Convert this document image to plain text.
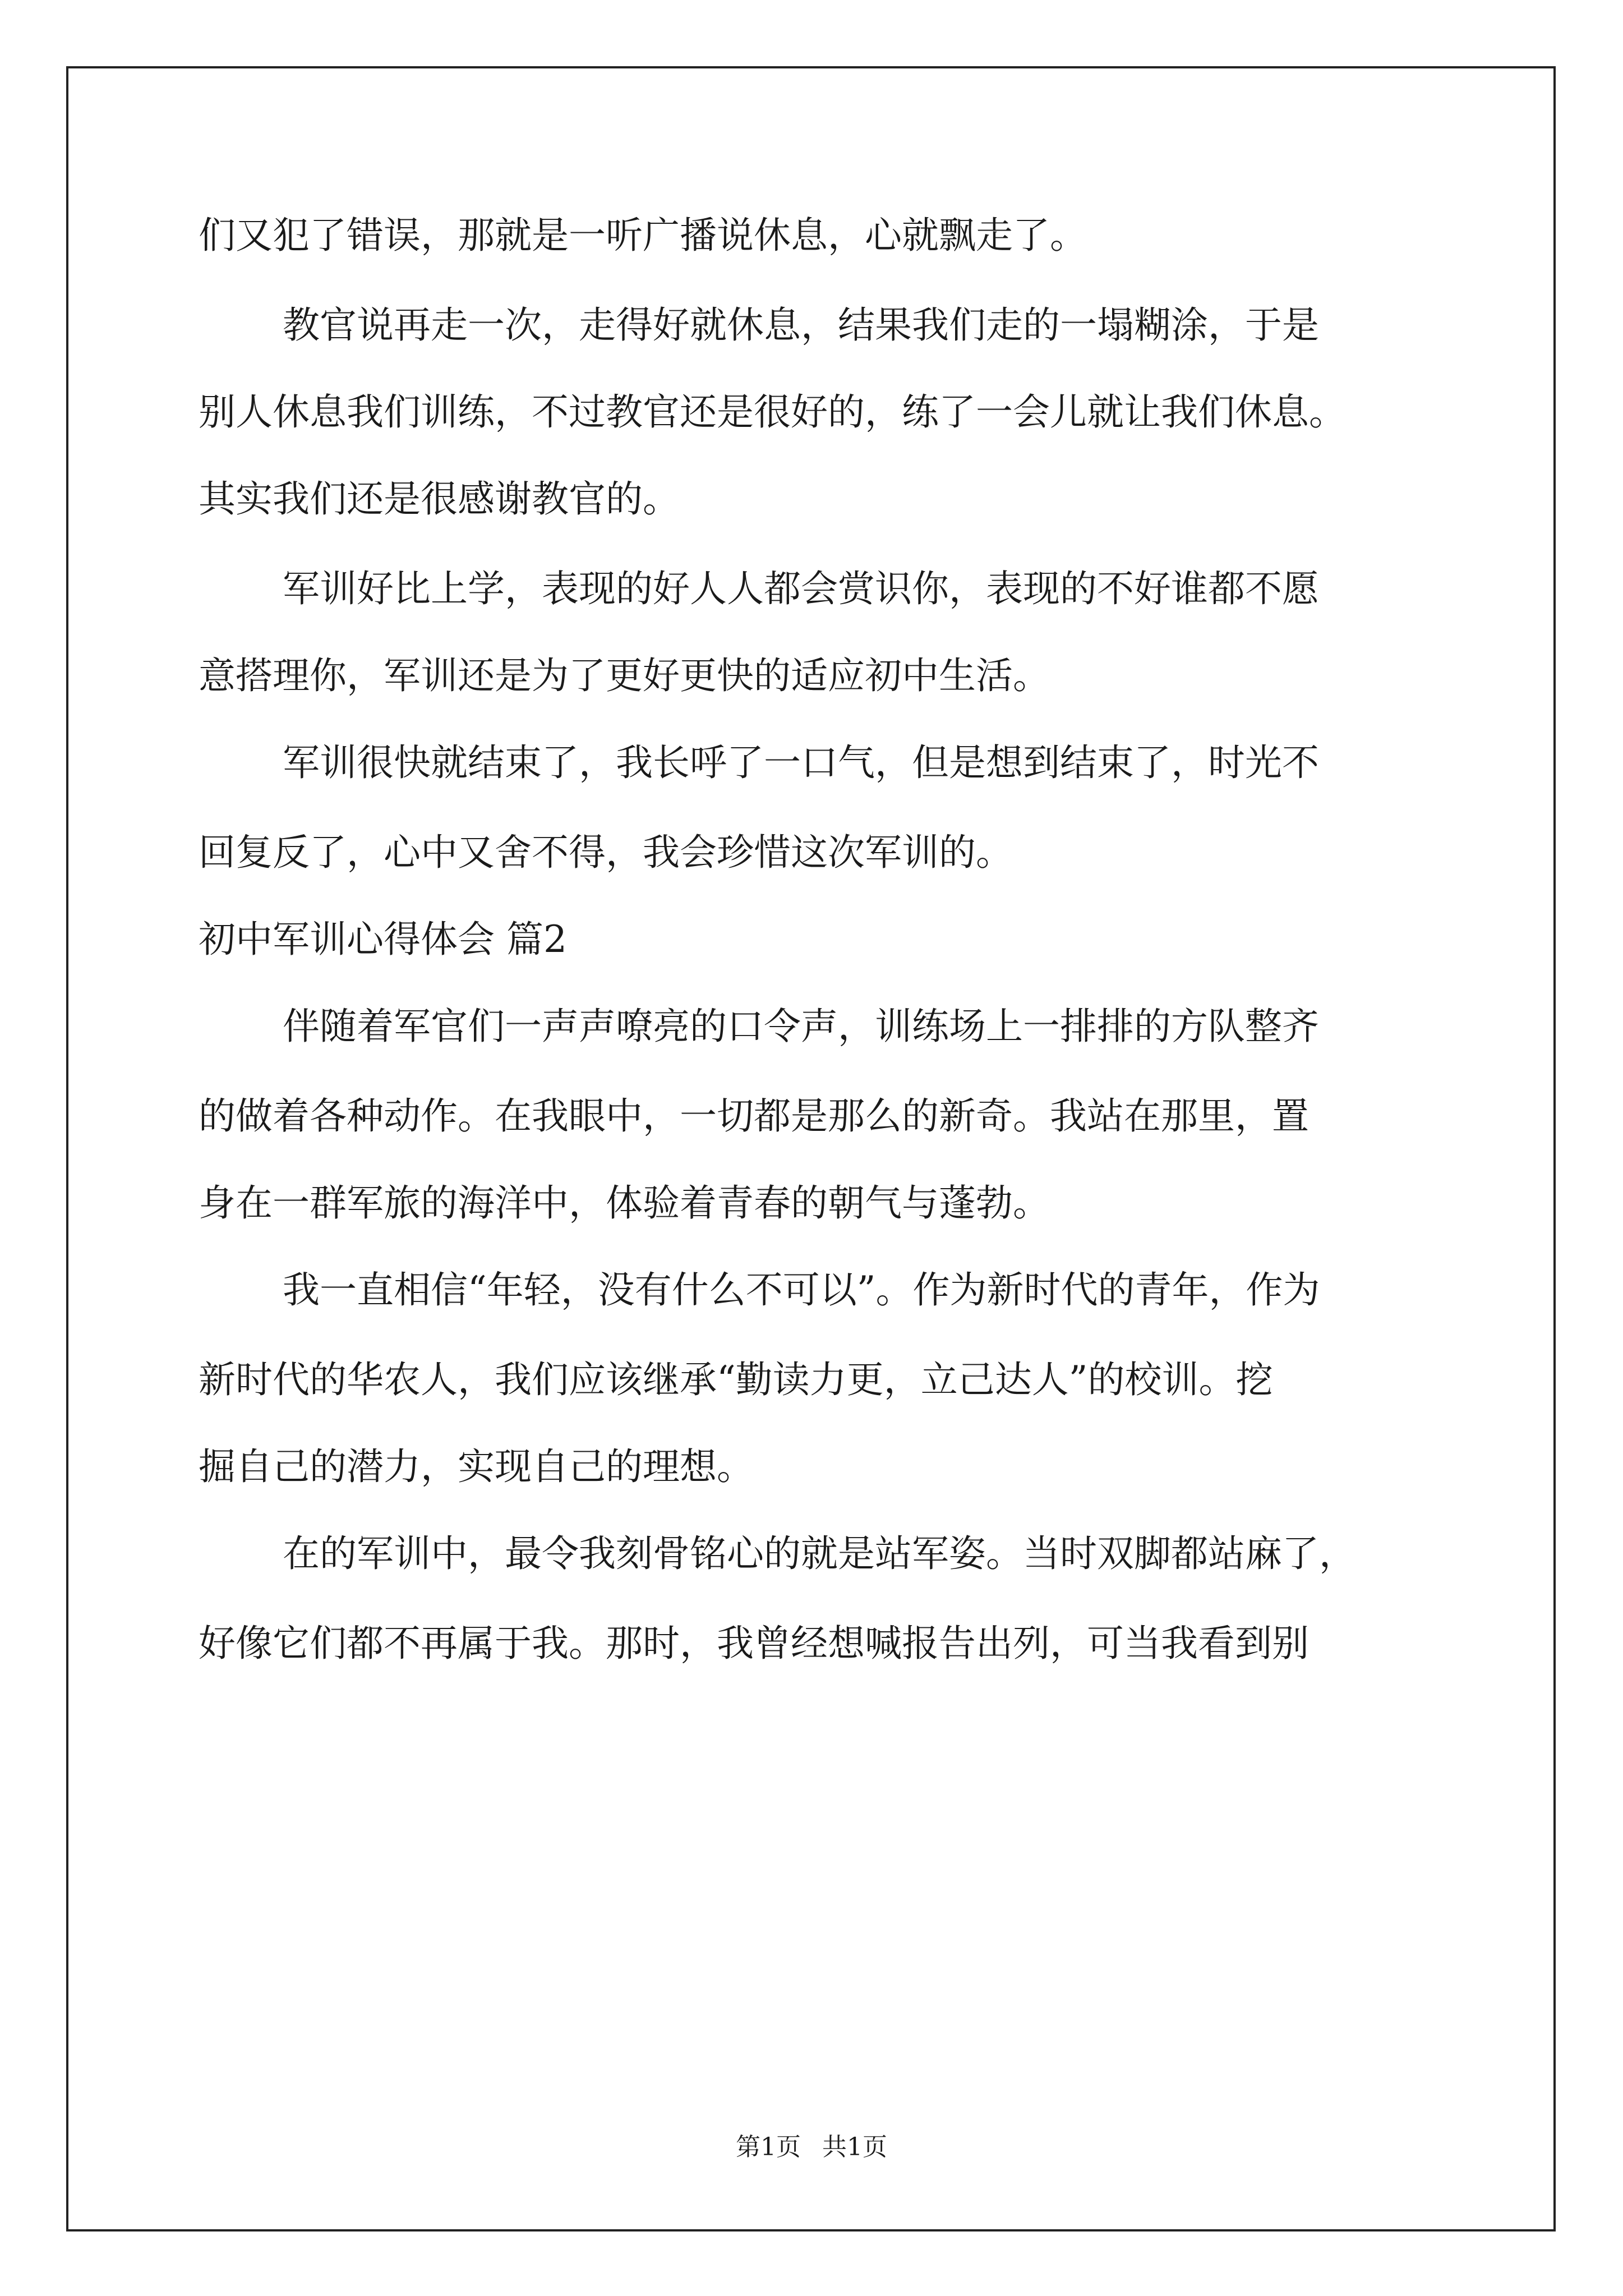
们又犯了错误，那就是一听广播说休息，心就飘走了。
教官说再走一次，走得好就休息，结果我们走的一塌糊涂，于是
别人休息我们训练，不过教官还是很好的，练了一会儿就让我们休息。
其实我们还是很感谢教官的。
军训好比上学，表现的好人人都会赏识你，表现的不好谁都不愿
意搭理你，军训还是为了更好更快的适应初中生活。
军训很快就结束了，我长呼了一口气，但是想到结束了，时光不
回复反了，心中又舍不得，我会珍惜这次军训的。
初中军训心得体会 篇2
伴随着军官们一声声嘹亮的口令声，训练场上一排排的方队整齐
的做着各种动作。在我眼中，一切都是那么的新奇。我站在那里，置
身在一群军旅的海洋中，体验着青春的朝气与蓬勃。
我一直相信“年轻，没有什么不可以”。作为新时代的青年，作为
新时代的华农人，我们应该继承“勤读力更，立己达人”的校训。挖
掘自己的潜力，实现自己的理想。
在的军训中，最令我刻骨铭心的就是站军姿。当时双脚都站麻了，
好像它们都不再属于我。那时，我曾经想喊报告出列，可当我看到别
第1页 共1页
